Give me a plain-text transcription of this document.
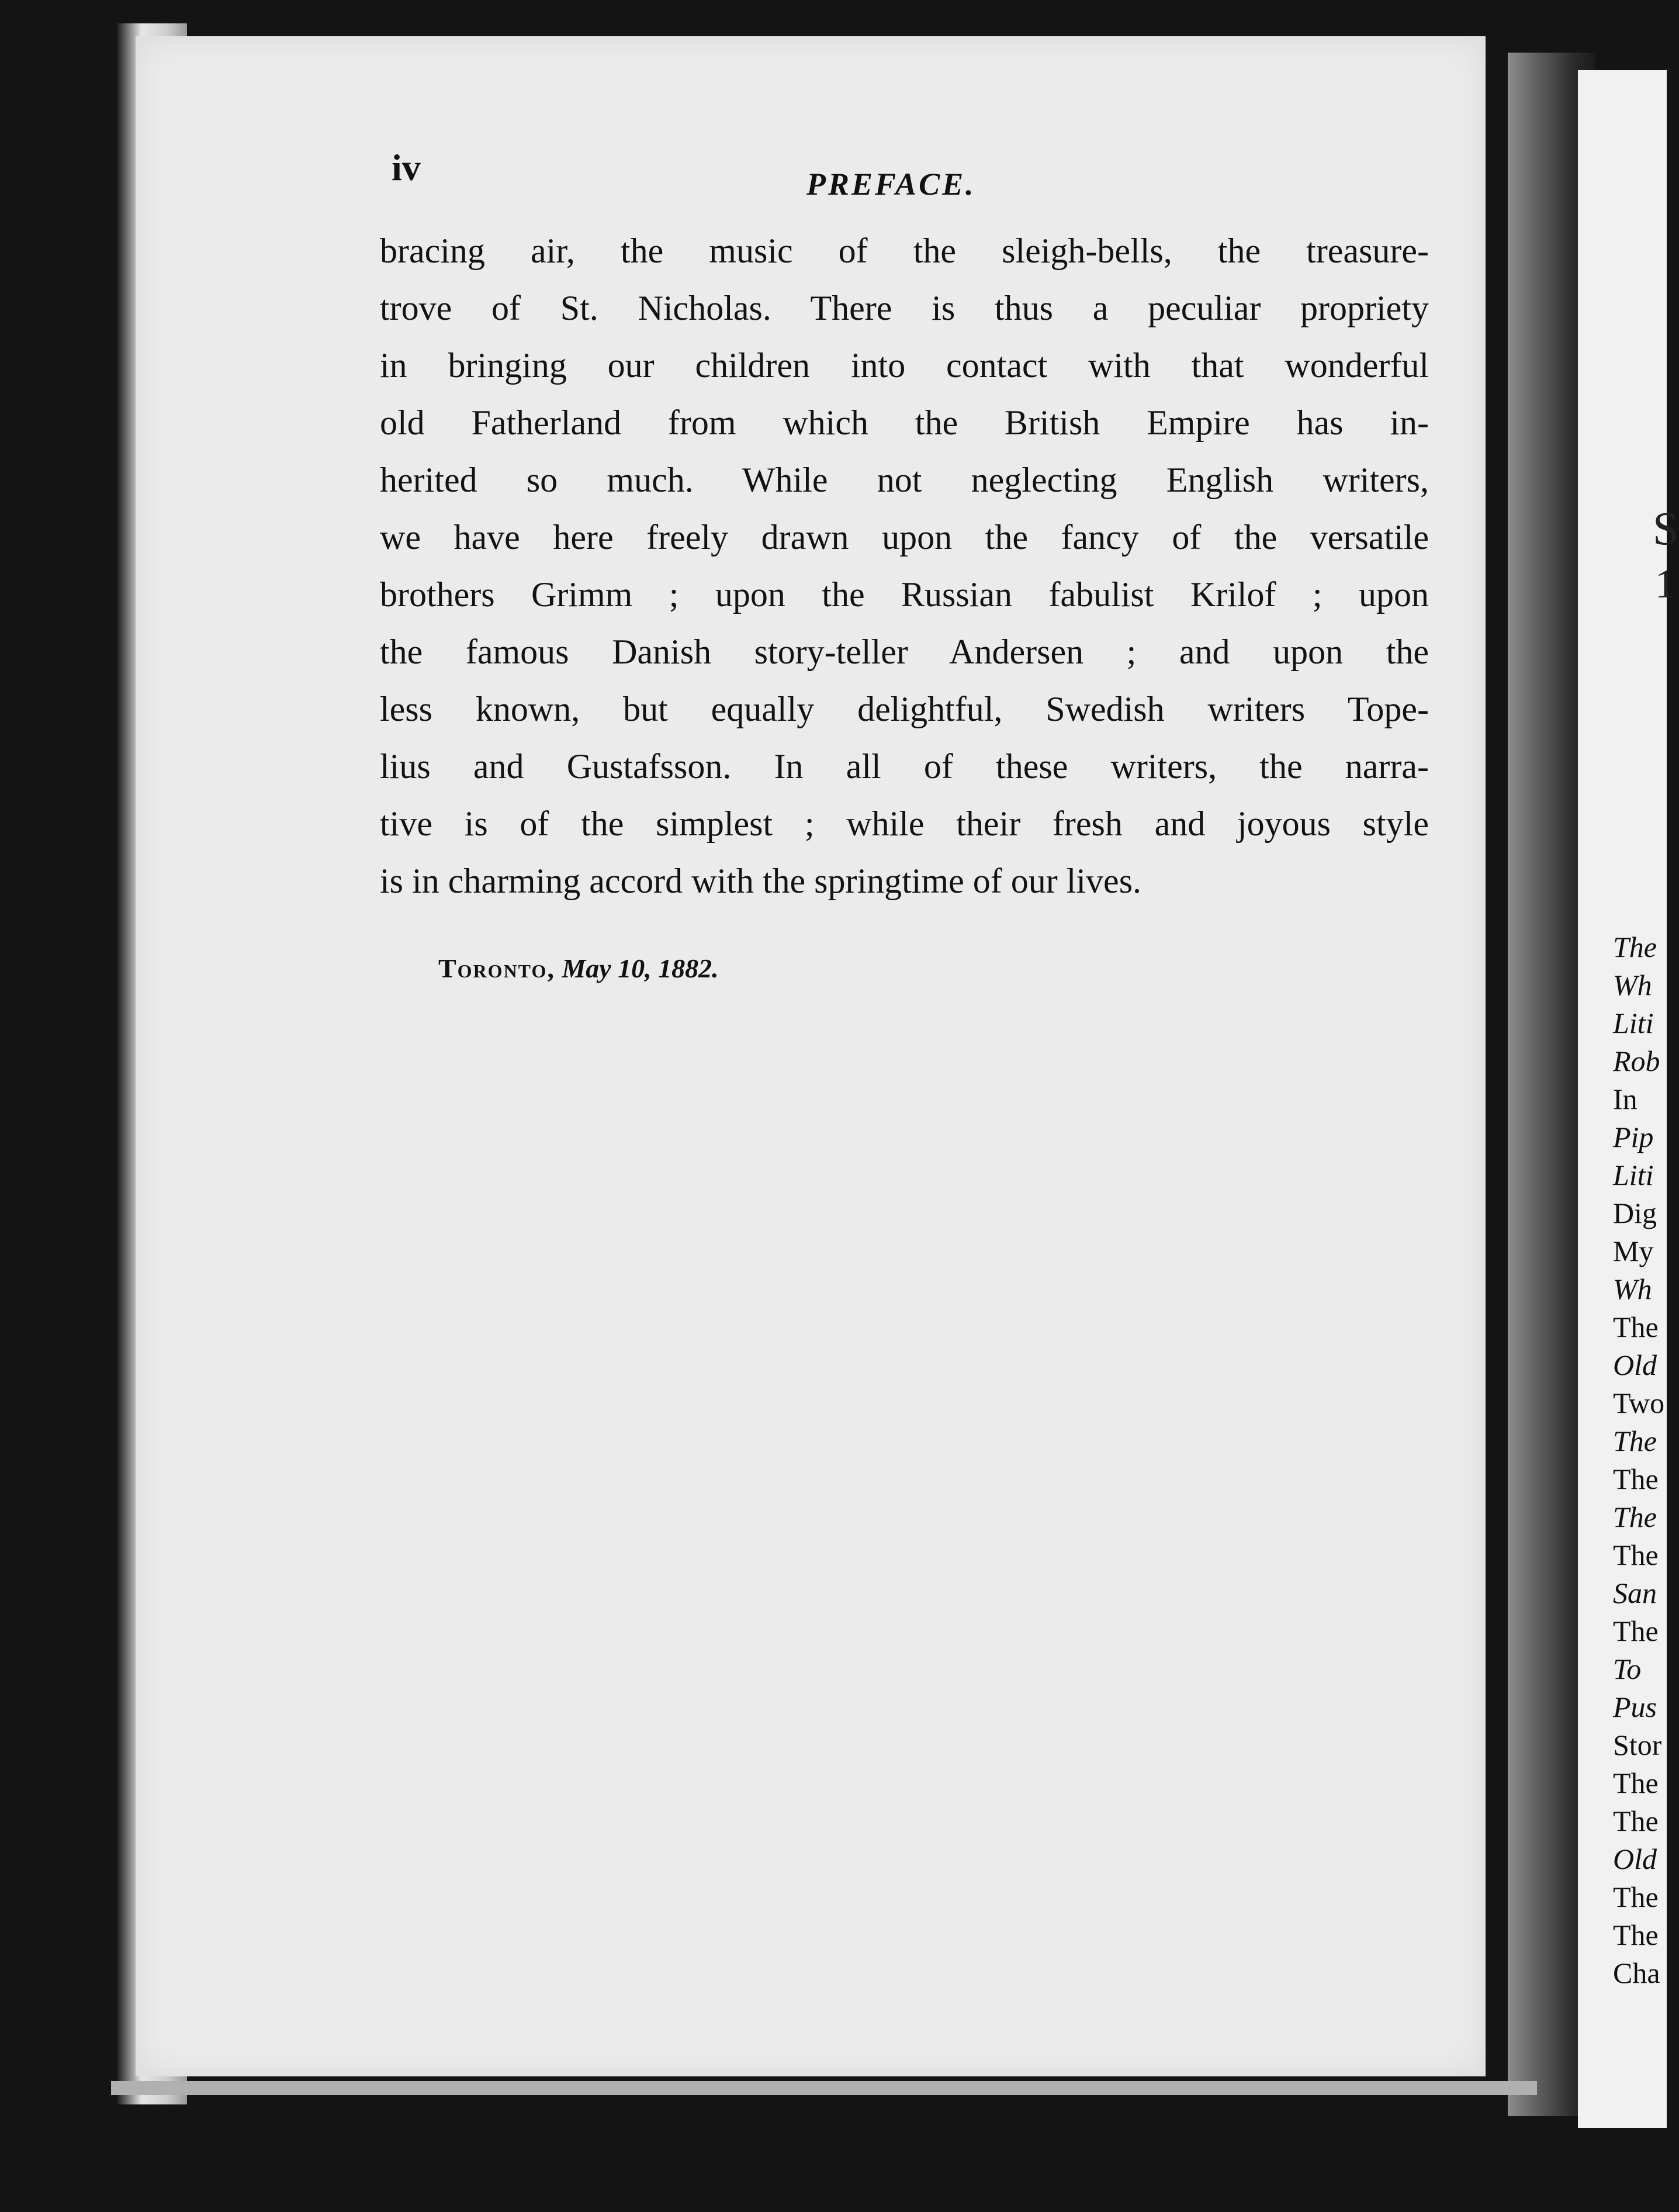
S
1
The
Wh
Liti
Rob
In
Pip
Liti
Dig
My
Wh
The
Old
Two
The
The
The
The
San
The
To
Pus
Stor
The
The
Old
The
The
Cha
iv	PREFACE.

bracing air, the music of the sleigh-bells, the treasure-
trove of St. Nicholas. There is thus a peculiar propriety
in bringing our children into contact with that wonderful
old Fatherland from which the British Empire has in-
herited so much. While not neglecting English writers,
we have here freely drawn upon the fancy of the versatile
brothers Grimm ; upon the Russian fabulist Krilof ; upon
the famous Danish story-teller Andersen ; and upon the
less known, but equally delightful, Swedish writers Tope-
lius and Gustafsson. In all of these writers, the narra-
tive is of the simplest ; while their fresh and joyous style
is in charming accord with the springtime of our lives.

Toronto, May 10, 1882.
